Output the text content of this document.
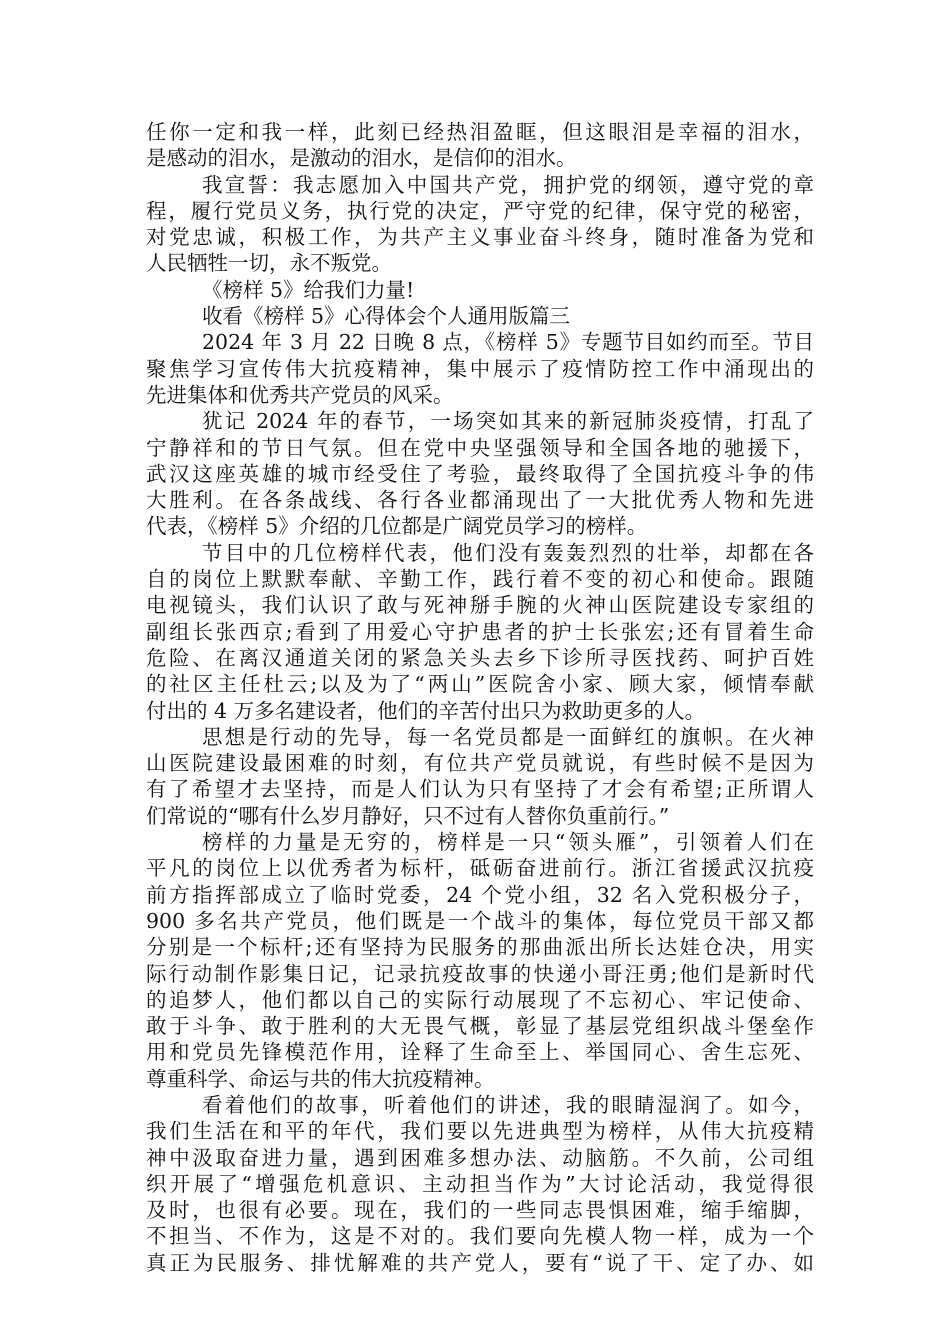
任你一定和我一样，此刻已经热泪盈眶，但这眼泪是幸福的泪水，
是感动的泪水，是激动的泪水，是信仰的泪水。
我宣誓：我志愿加入中国共产党，拥护党的纲领，遵守党的章
程，履行党员义务，执行党的决定，严守党的纪律，保守党的秘密，
对党忠诚，积极工作，为共产主义事业奋斗终身，随时准备为党和
人民牺牲一切，永不叛党。
《榜样 5》给我们力量!
收看《榜样 5》心得体会个人通用版篇三
2024 年 3 月 22 日晚 8 点，《榜样 5》专题节目如约而至。节目
聚焦学习宣传伟大抗疫精神，集中展示了疫情防控工作中涌现出的
先进集体和优秀共产党员的风采。
犹记 2024 年的春节，一场突如其来的新冠肺炎疫情，打乱了
宁静祥和的节日气氛。但在党中央坚强领导和全国各地的驰援下，
武汉这座英雄的城市经受住了考验，最终取得了全国抗疫斗争的伟
大胜利。在各条战线、各行各业都涌现出了一大批优秀人物和先进
代表，《榜样 5》介绍的几位都是广阔党员学习的榜样。
节目中的几位榜样代表，他们没有轰轰烈烈的壮举，却都在各
自的岗位上默默奉献、辛勤工作，践行着不变的初心和使命。跟随
电视镜头，我们认识了敢与死神掰手腕的火神山医院建设专家组的
副组长张西京;看到了用爱心守护患者的护士长张宏;还有冒着生命
危险、在离汉通道关闭的紧急关头去乡下诊所寻医找药、呵护百姓
的社区主任杜云;以及为了“两山”医院舍小家、顾大家，倾情奉献
付出的 4 万多名建设者，他们的辛苦付出只为救助更多的人。
思想是行动的先导，每一名党员都是一面鲜红的旗帜。在火神
山医院建设最困难的时刻，有位共产党员就说，有些时候不是因为
有了希望才去坚持，而是人们认为只有坚持了才会有希望;正所谓人
们常说的“哪有什么岁月静好，只不过有人替你负重前行。”
榜样的力量是无穷的，榜样是一只“领头雁”，引领着人们在
平凡的岗位上以优秀者为标杆，砥砺奋进前行。浙江省援武汉抗疫
前方指挥部成立了临时党委，24 个党小组，32 名入党积极分子，
900 多名共产党员，他们既是一个战斗的集体，每位党员干部又都
分别是一个标杆;还有坚持为民服务的那曲派出所长达娃仓决，用实
际行动制作影集日记，记录抗疫故事的快递小哥汪勇;他们是新时代
的追梦人，他们都以自己的实际行动展现了不忘初心、牢记使命、
敢于斗争、敢于胜利的大无畏气概，彰显了基层党组织战斗堡垒作
用和党员先锋模范作用，诠释了生命至上、举国同心、舍生忘死、
尊重科学、命运与共的伟大抗疫精神。
看着他们的故事，听着他们的讲述，我的眼睛湿润了。如今，
我们生活在和平的年代，我们要以先进典型为榜样，从伟大抗疫精
神中汲取奋进力量，遇到困难多想办法、动脑筋。不久前，公司组
织开展了“增强危机意识、主动担当作为”大讨论活动，我觉得很
及时，也很有必要。现在，我们的一些同志畏惧困难，缩手缩脚，
不担当、不作为，这是不对的。我们要向先模人物一样，成为一个
真正为民服务、排忧解难的共产党人，要有“说了干、定了办、如
